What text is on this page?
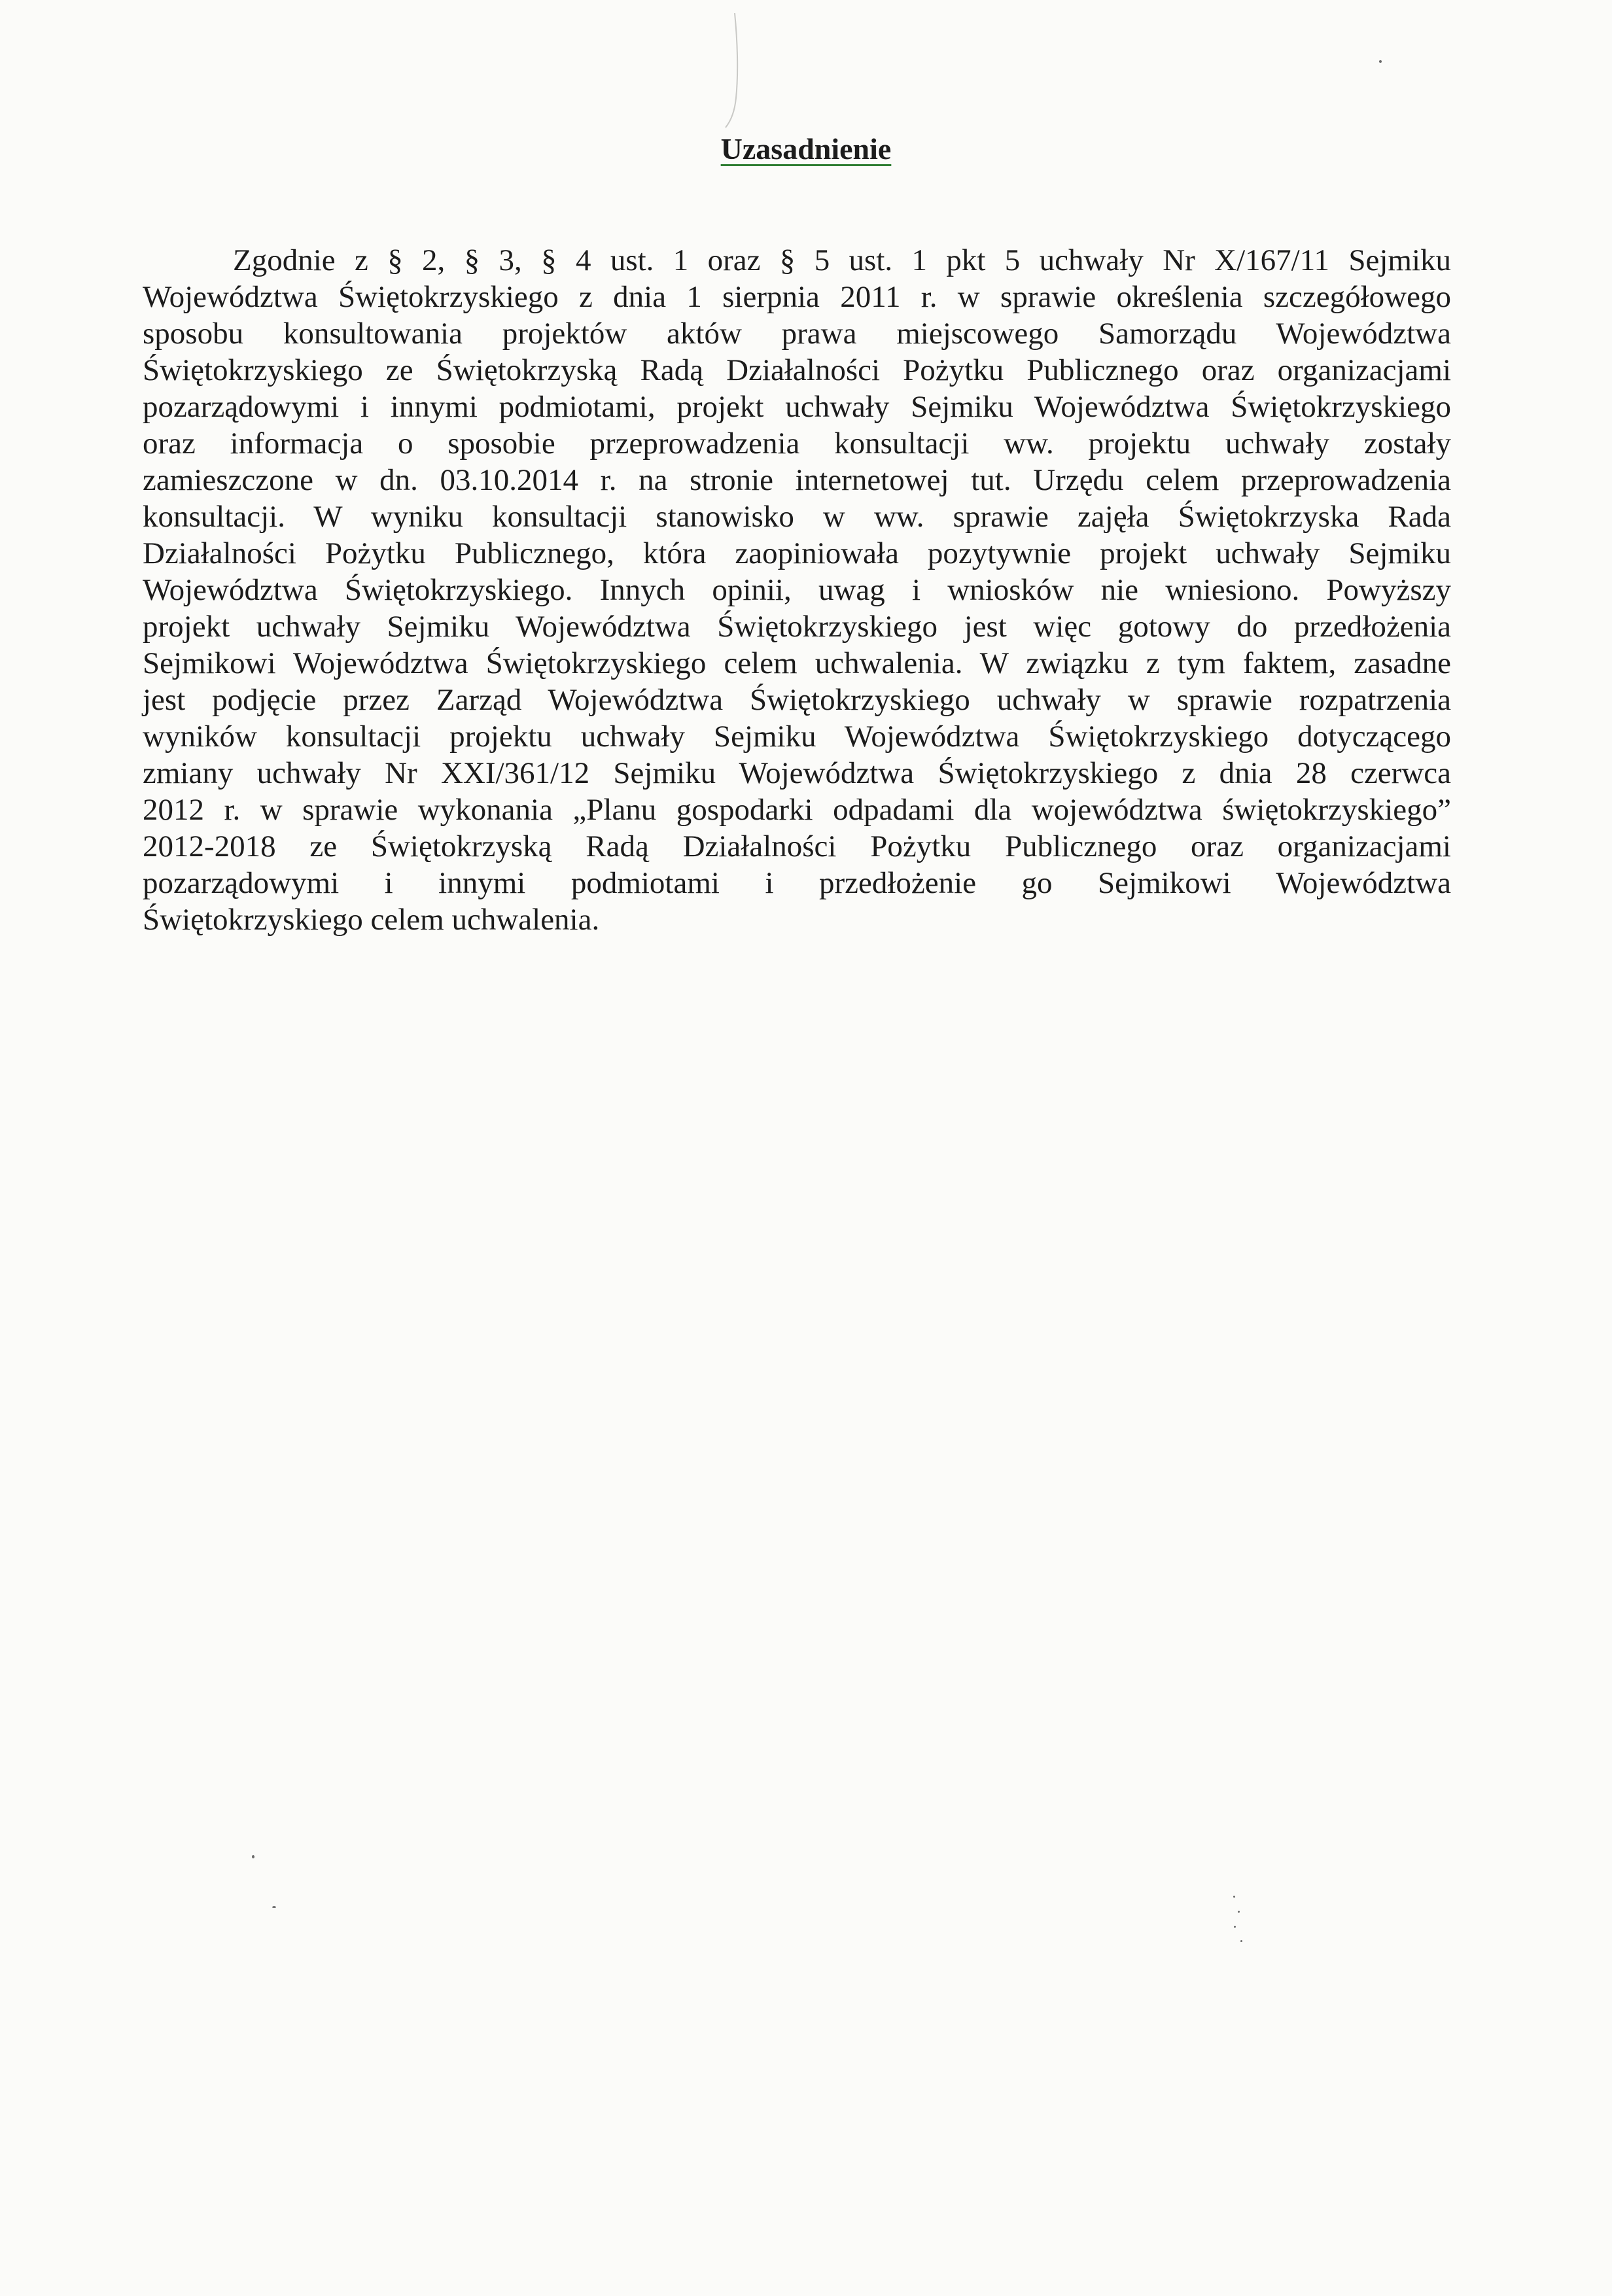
Uzasadnienie
Zgodnie z § 2, § 3, § 4 ust. 1 oraz § 5 ust. 1 pkt 5 uchwały Nr X/167/11 Sejmiku
Województwa Świętokrzyskiego z dnia 1 sierpnia 2011 r. w sprawie określenia szczegółowego
sposobu konsultowania projektów aktów prawa miejscowego Samorządu Województwa
Świętokrzyskiego ze Świętokrzyską Radą Działalności Pożytku Publicznego oraz organizacjami
pozarządowymi i innymi podmiotami, projekt uchwały Sejmiku Województwa Świętokrzyskiego
oraz informacja o sposobie przeprowadzenia konsultacji ww. projektu uchwały zostały
zamieszczone w dn. 03.10.2014 r. na stronie internetowej tut. Urzędu celem przeprowadzenia
konsultacji. W wyniku konsultacji stanowisko w ww. sprawie zajęła Świętokrzyska Rada
Działalności Pożytku Publicznego, która zaopiniowała pozytywnie projekt uchwały Sejmiku
Województwa Świętokrzyskiego. Innych opinii, uwag i wniosków nie wniesiono. Powyższy
projekt uchwały Sejmiku Województwa Świętokrzyskiego jest więc gotowy do przedłożenia
Sejmikowi Województwa Świętokrzyskiego celem uchwalenia. W związku z tym faktem, zasadne
jest podjęcie przez Zarząd Województwa Świętokrzyskiego uchwały w sprawie rozpatrzenia
wyników konsultacji projektu uchwały Sejmiku Województwa Świętokrzyskiego dotyczącego
zmiany uchwały Nr XXI/361/12 Sejmiku Województwa Świętokrzyskiego z dnia 28 czerwca
2012 r. w sprawie wykonania „Planu gospodarki odpadami dla województwa świętokrzyskiego”
2012-2018 ze Świętokrzyską Radą Działalności Pożytku Publicznego oraz organizacjami
pozarządowymi i innymi podmiotami i przedłożenie go Sejmikowi Województwa
Świętokrzyskiego celem uchwalenia.
